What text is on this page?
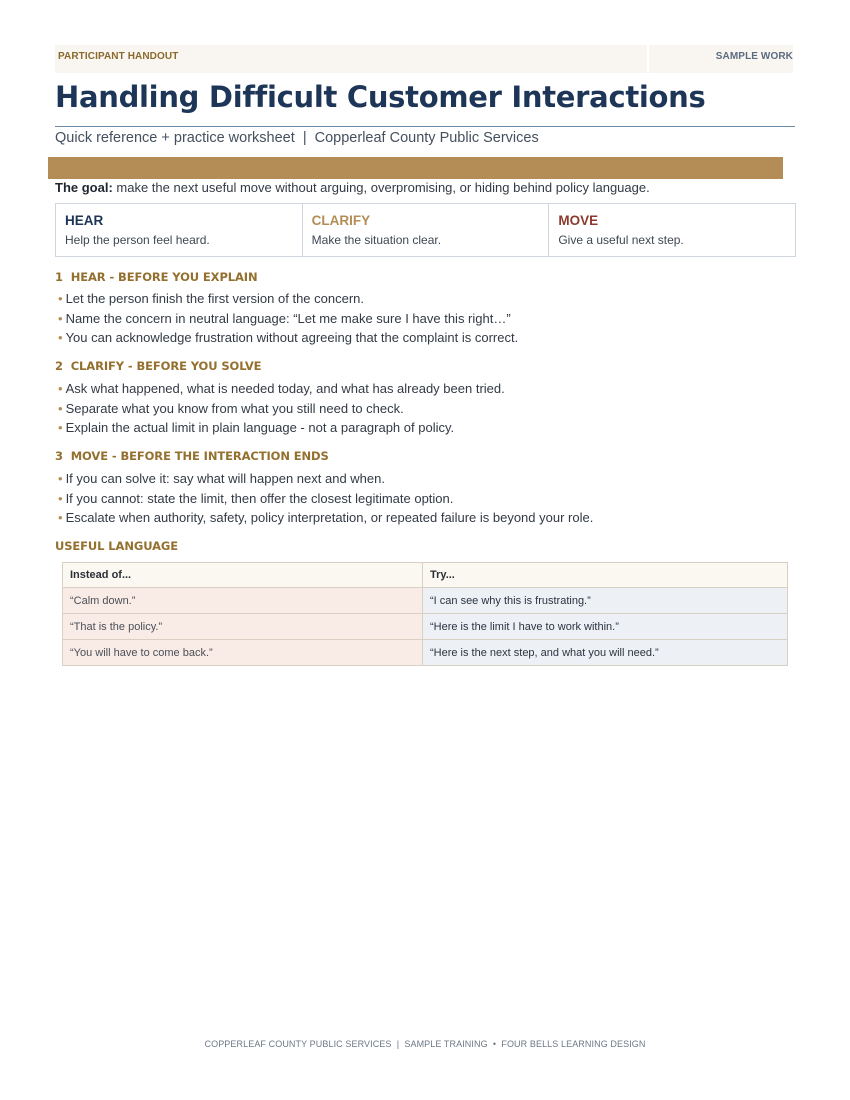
PARTICIPANT HANDOUT	SAMPLE WORK
Handling Difficult Customer Interactions
Quick reference + practice worksheet  |  Copperleaf County Public Services

The goal: make the next useful move without arguing, overpromising, or hiding behind policy language.

HEAR
Help the person feel heard.
CLARIFY
Make the situation clear.
MOVE
Give a useful next step.
1  HEAR - BEFORE YOU EXPLAIN
• Let the person finish the first version of the concern.
• Name the concern in neutral language: “Let me make sure I have this right…”
• You can acknowledge frustration without agreeing that the complaint is correct.
2  CLARIFY - BEFORE YOU SOLVE
• Ask what happened, what is needed today, and what has already been tried.
• Separate what you know from what you still need to check.
• Explain the actual limit in plain language - not a paragraph of policy.
3  MOVE - BEFORE THE INTERACTION ENDS
• If you can solve it: say what will happen next and when.
• If you cannot: state the limit, then offer the closest legitimate option.
• Escalate when authority, safety, policy interpretation, or repeated failure is beyond your role.
USEFUL LANGUAGE
Instead of...	Try...
“Calm down.”	“I can see why this is frustrating.”
“That is the policy.”	“Here is the limit I have to work within.”
“You will have to come back.”	“Here is the next step, and what you will need.”
COPPERLEAF COUNTY PUBLIC SERVICES  |  SAMPLE TRAINING  •  FOUR BELLS LEARNING DESIGN
